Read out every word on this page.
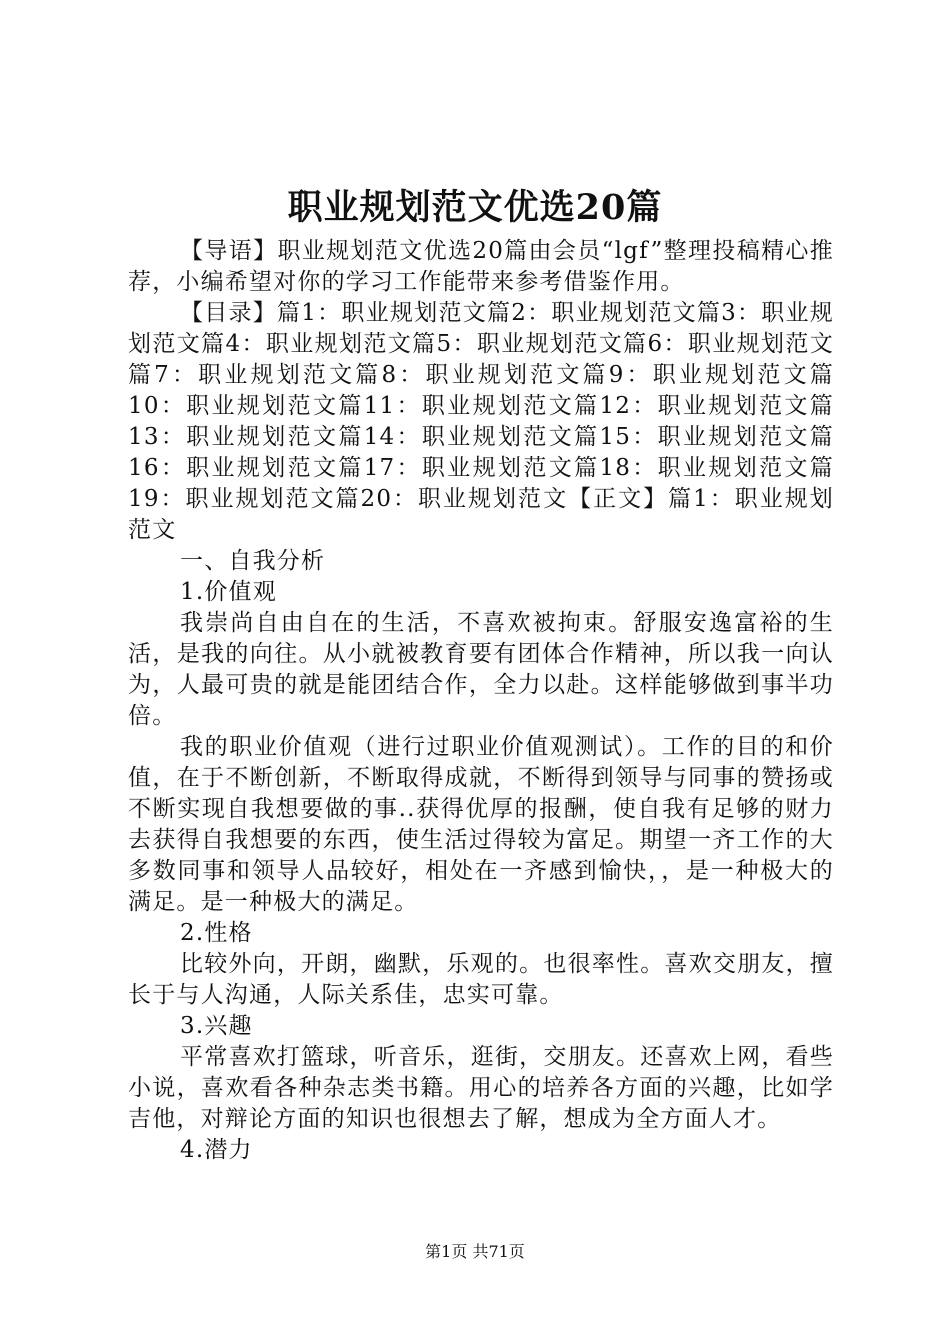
职业规划范文优选20篇

【导语】职业规划范文优选20篇由会员“lgf”整理投稿精心推荐，小编希望对你的学习工作能带来参考借鉴作用。

【目录】篇1：职业规划范文篇2：职业规划范文篇3：职业规划范文篇4：职业规划范文篇5：职业规划范文篇6：职业规划范文篇7：职业规划范文篇8：职业规划范文篇9：职业规划范文篇10：职业规划范文篇11：职业规划范文篇12：职业规划范文篇13：职业规划范文篇14：职业规划范文篇15：职业规划范文篇16：职业规划范文篇17：职业规划范文篇18：职业规划范文篇19：职业规划范文篇20：职业规划范文【正文】篇1：职业规划范文

一、自我分析

1.价值观

我崇尚自由自在的生活，不喜欢被拘束。舒服安逸富裕的生活，是我的向往。从小就被教育要有团体合作精神，所以我一向认为，人最可贵的就是能团结合作，全力以赴。这样能够做到事半功倍。

我的职业价值观（进行过职业价值观测试）。工作的目的和价值，在于不断创新，不断取得成就，不断得到领导与同事的赞扬或不断实现自我想要做的事..获得优厚的报酬，使自我有足够的财力去获得自我想要的东西，使生活过得较为富足。期望一齐工作的大多数同事和领导人品较好，相处在一齐感到愉快，，是一种极大的满足。是一种极大的满足。

2.性格

比较外向，开朗，幽默，乐观的。也很率性。喜欢交朋友，擅长于与人沟通，人际关系佳，忠实可靠。

3.兴趣

平常喜欢打篮球，听音乐，逛街，交朋友。还喜欢上网，看些小说，喜欢看各种杂志类书籍。用心的培养各方面的兴趣，比如学吉他，对辩论方面的知识也很想去了解，想成为全方面人才。

4.潜力

第1页 共71页
